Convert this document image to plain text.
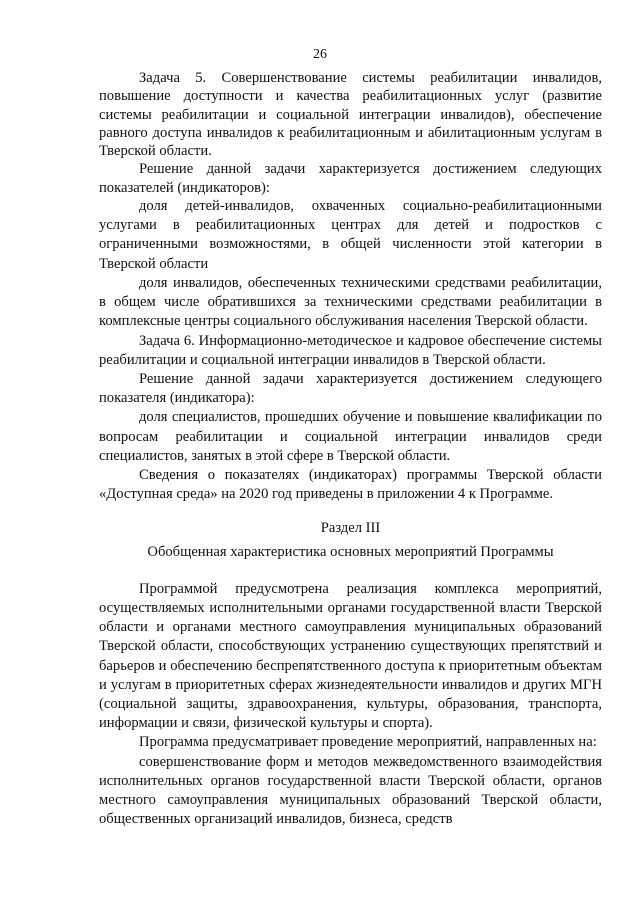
26

Задача 5. Совершенствование системы реабилитации инвалидов, повышение доступности и качества реабилитационных услуг (развитие системы реабилитации и социальной интеграции инвалидов), обеспечение равного доступа инвалидов к реабилитационным и абилитационным услугам в Тверской области.

Решение данной задачи характеризуется достижением следующих показателей (индикаторов):

доля детей-инвалидов, охваченных социально-реабилитационными услугами в реабилитационных центрах для детей и подростков с ограниченными возможностями, в общей численности этой категории в Тверской области

доля инвалидов, обеспеченных техническими средствами реабилитации, в общем числе обратившихся за техническими средствами реабилитации в комплексные центры социального обслуживания населения Тверской области.

Задача 6. Информационно-методическое и кадровое обеспечение системы реабилитации и социальной интеграции инвалидов в Тверской области.

Решение данной задачи характеризуется достижением следующего показателя (индикатора):

доля специалистов, прошедших обучение и повышение квалификации по вопросам реабилитации и социальной интеграции инвалидов среди специалистов, занятых в этой сфере в Тверской области.

Сведения о показателях (индикаторах) программы Тверской области «Доступная среда» на 2020 год приведены в приложении 4 к Программе.

Раздел III

Обобщенная характеристика основных мероприятий Программы

Программой предусмотрена реализация комплекса мероприятий, осуществляемых исполнительными органами государственной власти Тверской области и органами местного самоуправления муниципальных образований Тверской области, способствующих устранению существующих препятствий и барьеров и обеспечению беспрепятственного доступа к приоритетным объектам и услугам в приоритетных сферах жизнедеятельности инвалидов и других МГН (социальной защиты, здравоохранения, культуры, образования, транспорта, информации и связи, физической культуры и спорта).

Программа предусматривает проведение мероприятий, направленных на:

совершенствование форм и методов межведомственного взаимодействия исполнительных органов государственной власти Тверской области, органов местного самоуправления муниципальных образований Тверской области, общественных организаций инвалидов, бизнеса, средств
